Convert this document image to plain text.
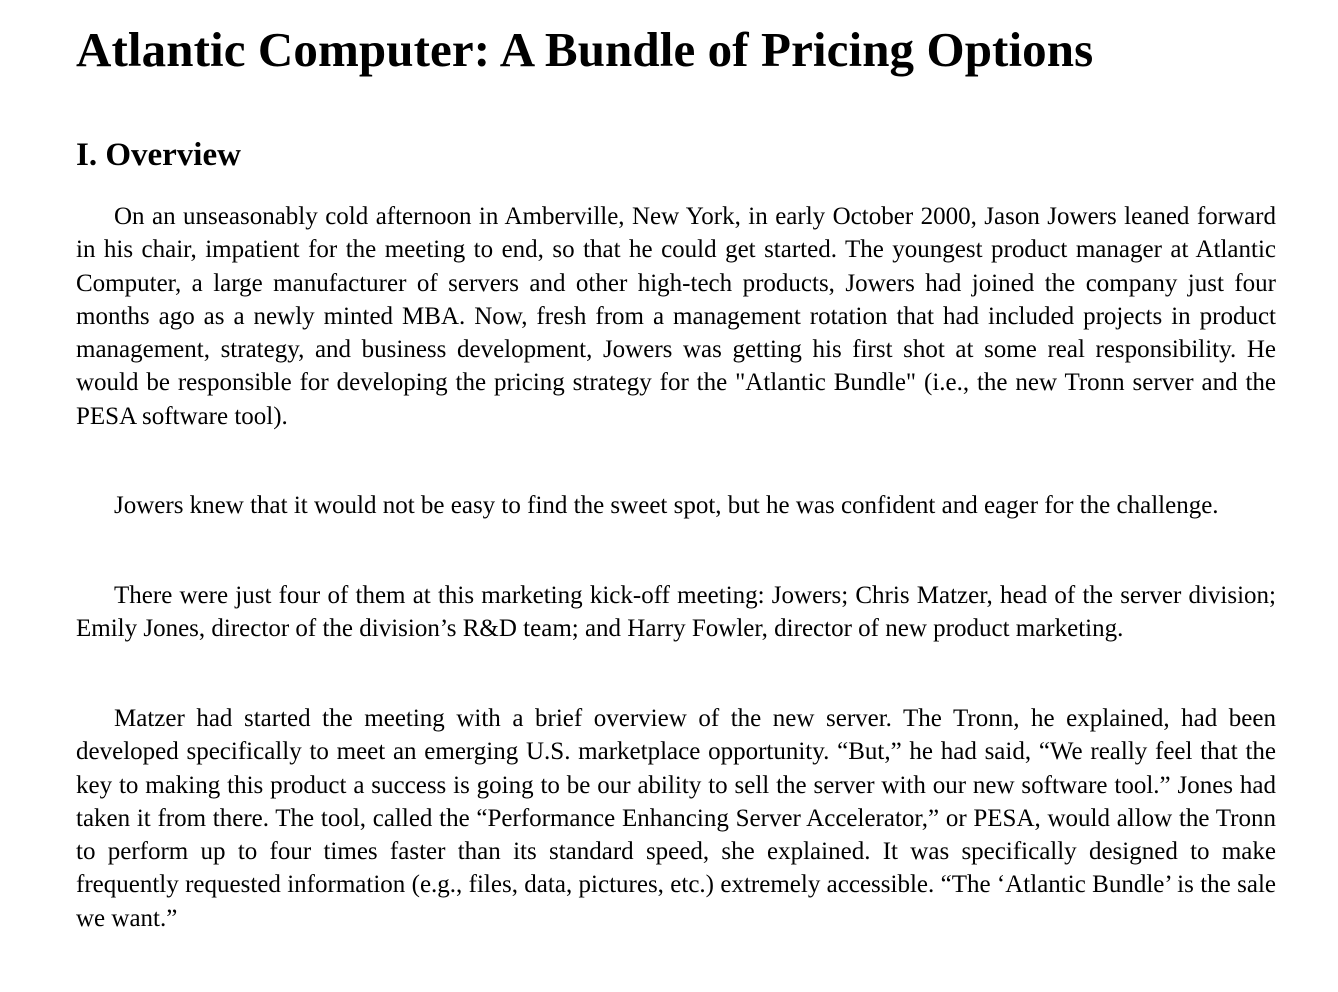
Atlantic Computer: A Bundle of Pricing Options
I. Overview

On an unseasonably cold afternoon in Amberville, New York, in early October 2000, Jason Jowers leaned forward in his chair, impatient for the meeting to end, so that he could get started. The youngest product manager at Atlantic Computer, a large manufacturer of servers and other high-tech products, Jowers had joined the company just four months ago as a newly minted MBA. Now, fresh from a management rotation that had included projects in product management, strategy, and business development, Jowers was getting his first shot at some real responsibility. He would be responsible for developing the pricing strategy for the "Atlantic Bundle" (i.e., the new Tronn server and the PESA software tool).

Jowers knew that it would not be easy to find the sweet spot, but he was confident and eager for the challenge.

There were just four of them at this marketing kick-off meeting: Jowers; Chris Matzer, head of the server division; Emily Jones, director of the division’s R&D team; and Harry Fowler, director of new product marketing.

Matzer had started the meeting with a brief overview of the new server. The Tronn, he explained, had been developed specifically to meet an emerging U.S. marketplace opportunity. “But,” he had said, “We really feel that the key to making this product a success is going to be our ability to sell the server with our new software tool.” Jones had taken it from there. The tool, called the “Performance Enhancing Server Accelerator,” or PESA, would allow the Tronn to perform up to four times faster than its standard speed, she explained. It was specifically designed to make frequently requested information (e.g., files, data, pictures, etc.) extremely accessible. “The ‘Atlantic Bundle’ is the sale we want.”
